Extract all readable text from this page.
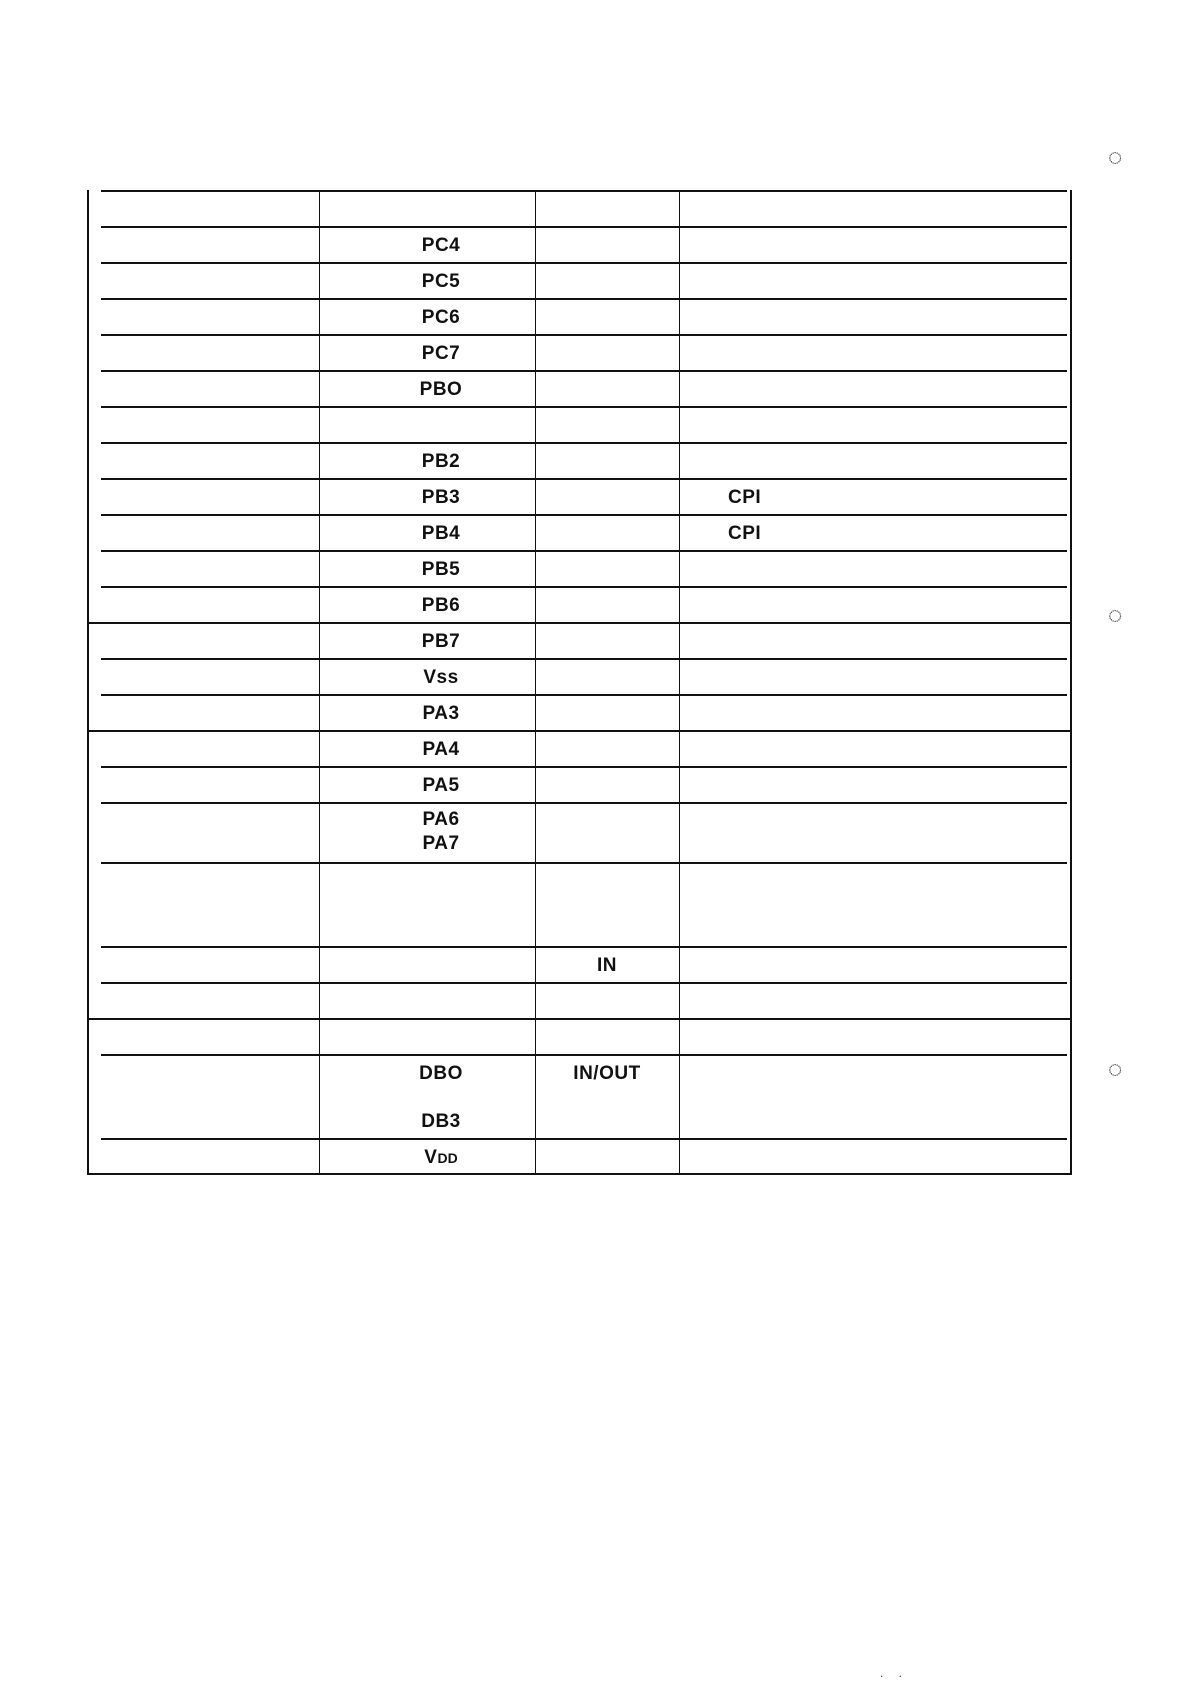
◌
◌
◌
PC4
PC5
PC6
PC7
PBO
PB2
PB3	CPI
PB4	CPI
PB5
PB6
PB7
Vss
PA3
PA4
PA5
PA6
PA7
IN
DBO
DB3
IN/OUT
VDD
. .
